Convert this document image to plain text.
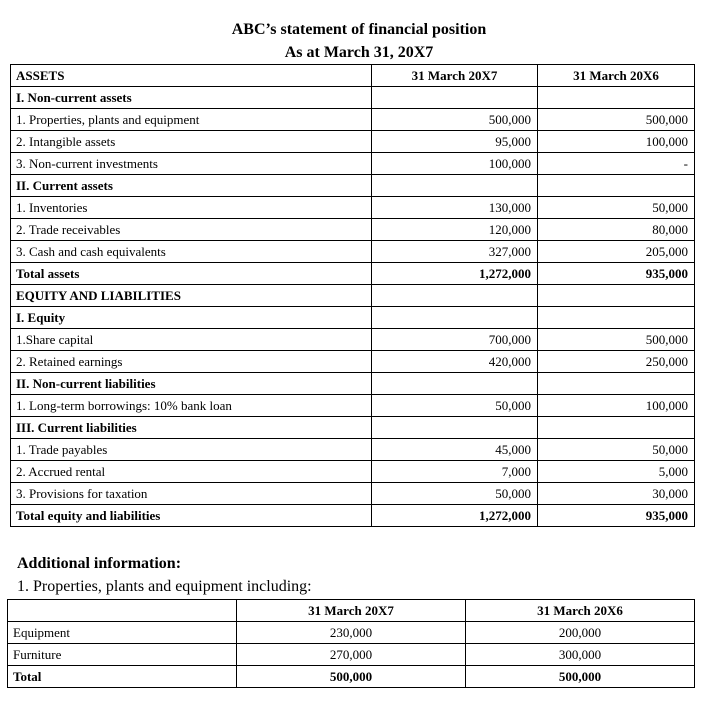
ABC’s statement of financial position
As at March 31, 20X7
ASSETS	31 March 20X7	31 March 20X6
I. Non-current assets		
1. Properties, plants and equipment	500,000	500,000
2. Intangible assets	95,000	100,000
3. Non-current investments	100,000	-
II. Current assets		
1. Inventories	130,000	50,000
2. Trade receivables	120,000	80,000
3. Cash and cash equivalents	327,000	205,000
Total assets	1,272,000	935,000
EQUITY AND LIABILITIES		
I. Equity		
1.Share capital	700,000	500,000
2. Retained earnings	420,000	250,000
II. Non-current liabilities		
1. Long-term borrowings: 10% bank loan	50,000	100,000
III. Current liabilities		
1. Trade payables	45,000	50,000
2. Accrued rental	7,000	5,000
3. Provisions for taxation	50,000	30,000
Total equity and liabilities	1,272,000	935,000
Additional information:
1. Properties, plants and equipment including:
	31 March 20X7	31 March 20X6
Equipment	230,000	200,000
Furniture	270,000	300,000
Total	500,000	500,000
